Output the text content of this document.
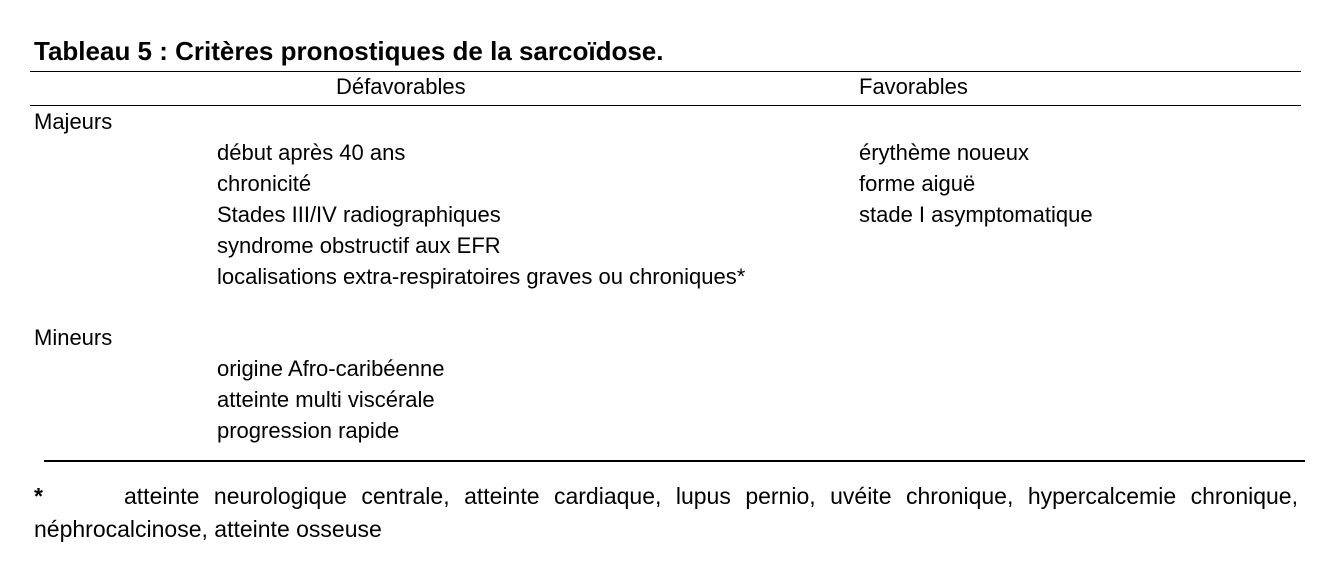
Tableau 5 : Critères pronostiques de la sarcoïdose.
Défavorables	Favorables
Majeurs
début après 40 ans
chronicité
Stades III/IV radiographiques
syndrome obstructif aux EFR
localisations extra-respiratoires graves ou chroniques*
érythème noueux
forme aiguë
stade I asymptomatique
Mineurs
origine Afro-caribéenne
atteinte multi viscérale
progression rapide
*	atteinte neurologique centrale, atteinte cardiaque, lupus pernio, uvéite chronique, hypercalcemie chronique, néphrocalcinose, atteinte osseuse
